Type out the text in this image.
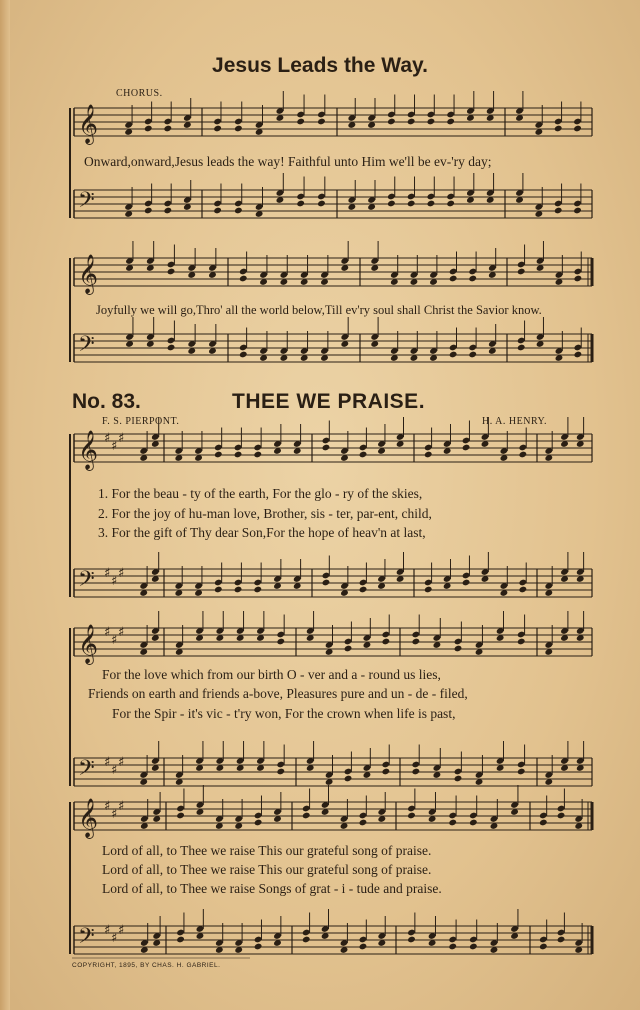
Jesus Leads the Way.
CHORUS.
No. 83.	THEE WE PRAISE.
F. S. PIERPONT.	H. A. HENRY.
Onward,onward,Jesus leads the way! Faithful unto Him we'll be ev-'ry day;
Joyfully we will go,Thro' all the world below,Till ev'ry soul shall Christ the Savior know.
1. For the beau - ty of the earth, For the glo - ry of the skies,
2. For the joy of hu-man love, Brother, sis - ter, par-ent, child,
3. For the gift of Thy dear Son,For the hope of heav'n at last,
For the love which from our birth O - ver and a - round us lies,
Friends on earth and friends a-bove, Pleasures pure and un - de - filed,
For the Spir - it's vic - t'ry won, For the crown when life is past,
Lord of all, to Thee we raise This our grateful song of praise.
Lord of all, to Thee we raise This our grateful song of praise.
Lord of all, to Thee we raise Songs of grat - i - tude and praise.
COPYRIGHT, 1895, BY CHAS. H. GABRIEL.
𝄞
𝄢
𝄞
𝄢
𝄞 ♯
♯
♯
𝄢 ♯
♯
♯
𝄞 ♯
♯
♯
𝄢 ♯
♯
♯
𝄞 ♯
♯
♯
𝄢 ♯
♯
♯
